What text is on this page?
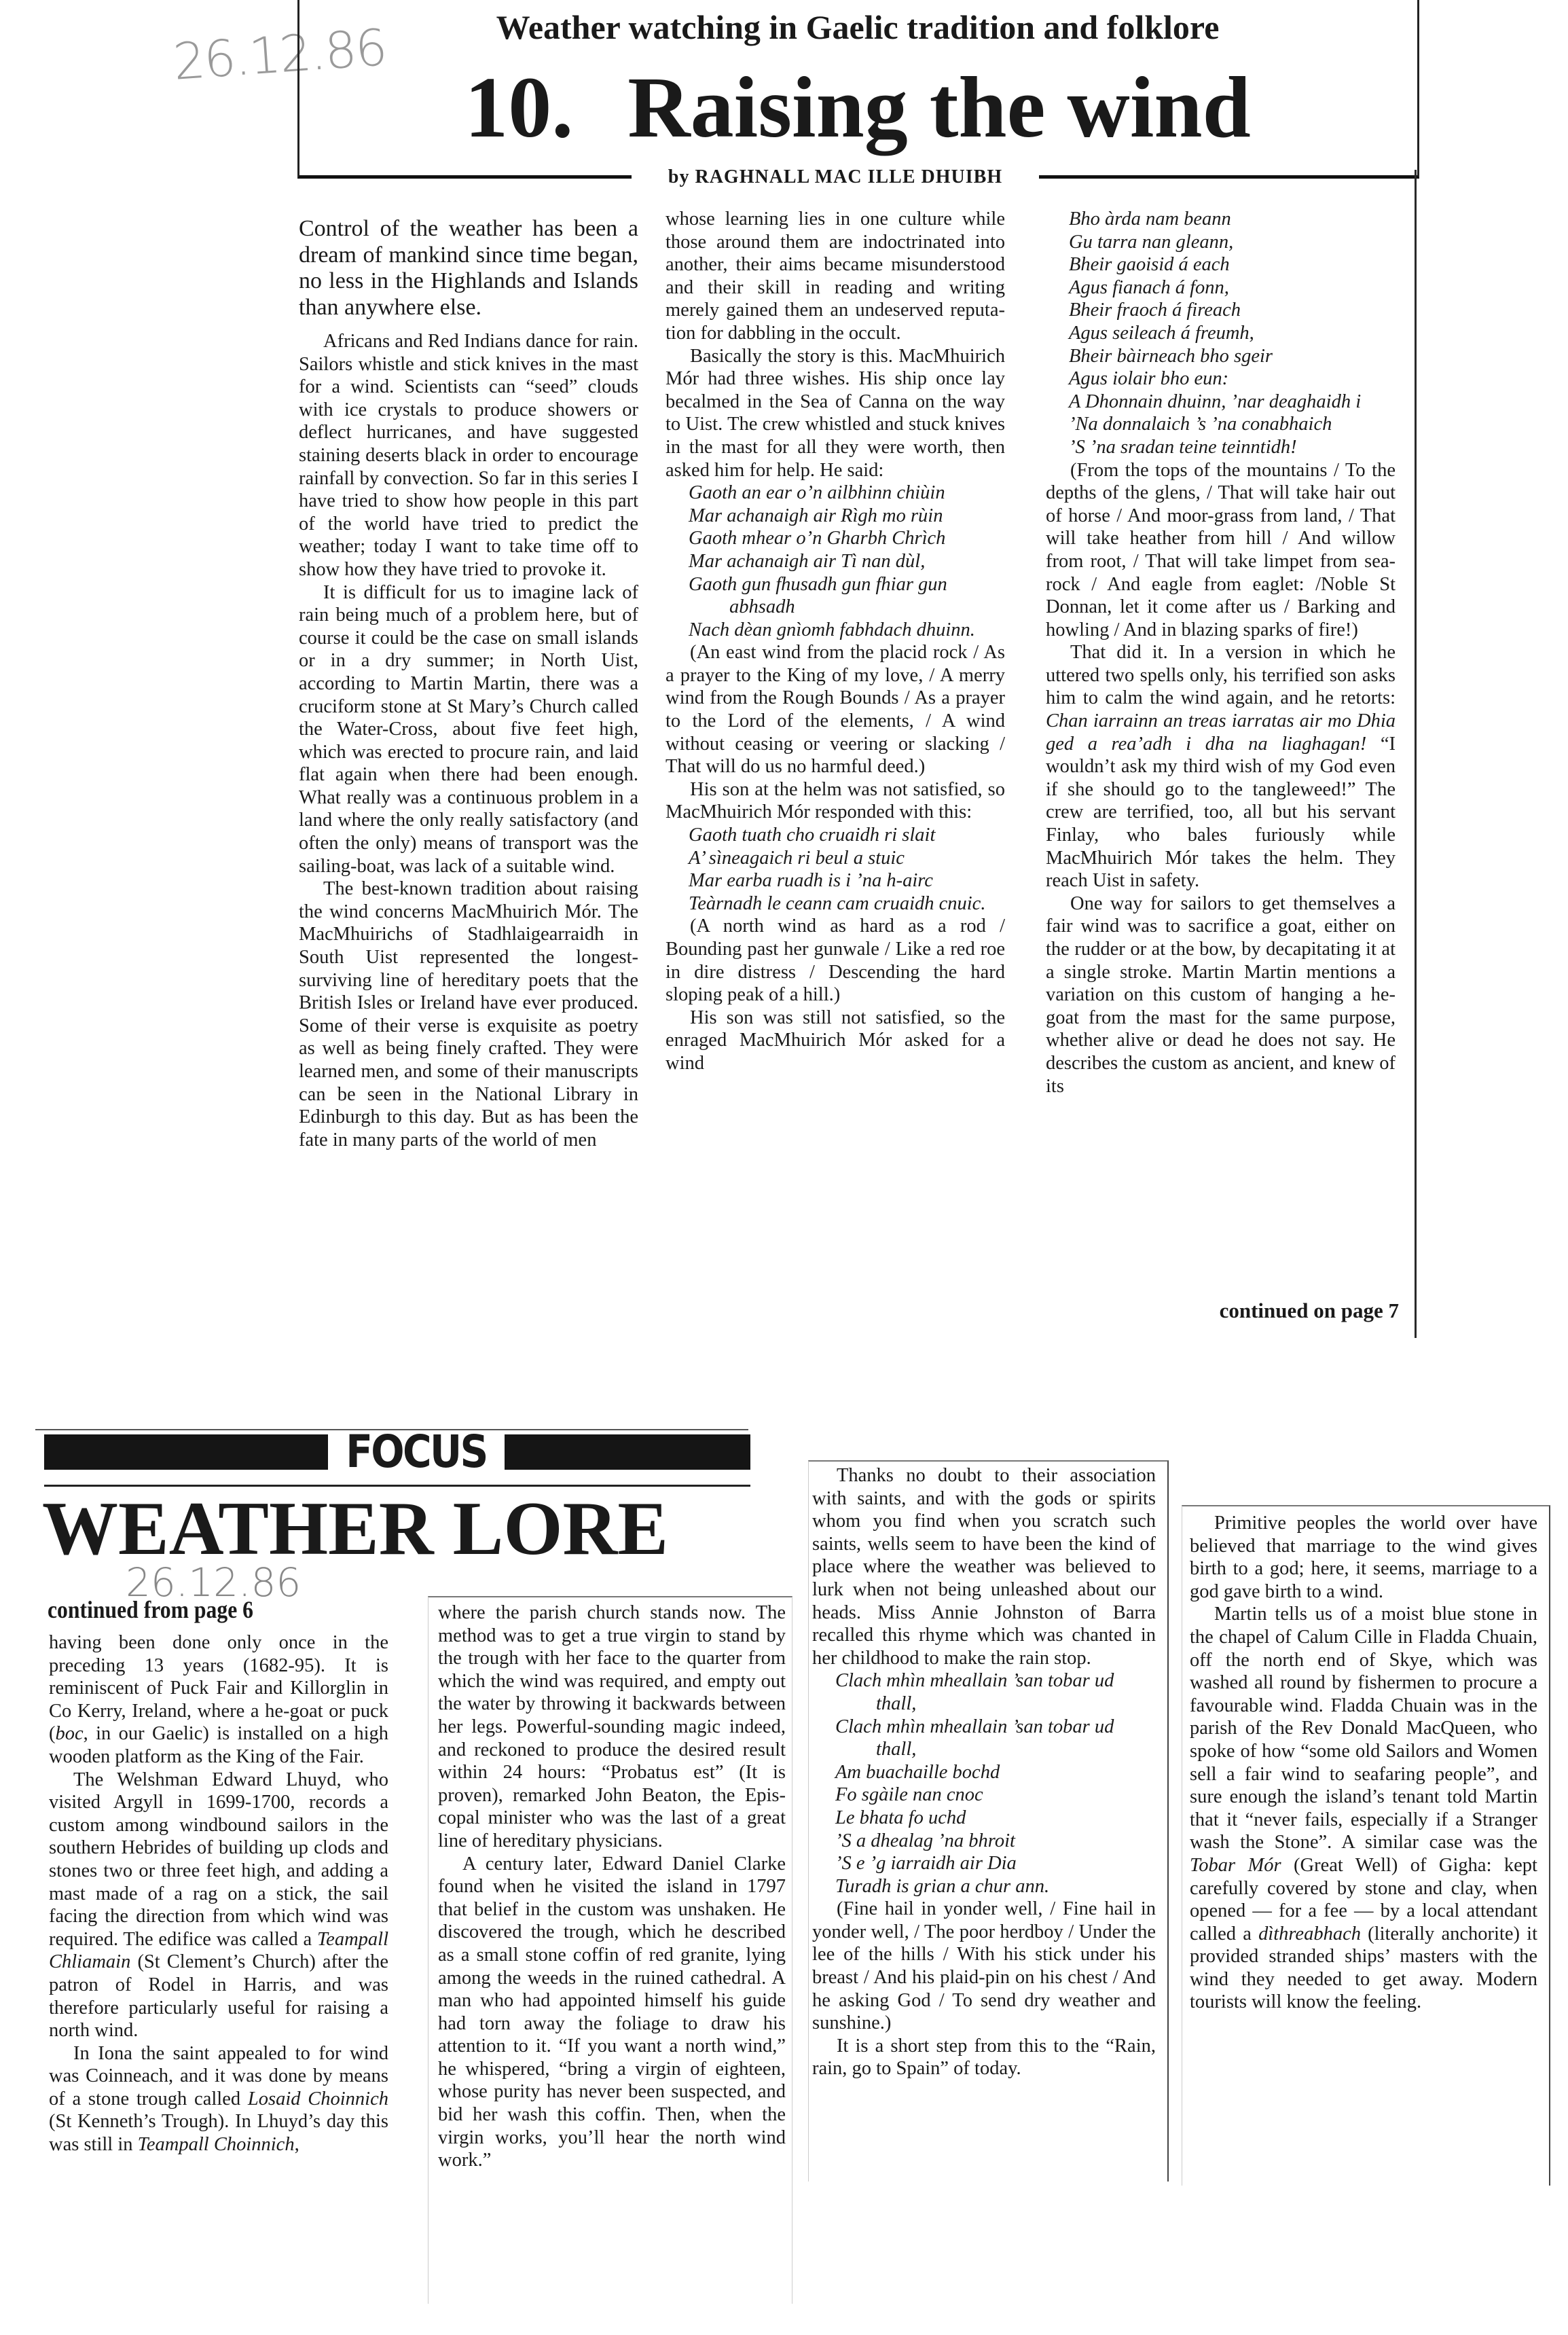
26.12.86	Weather watching in Gaelic tradition and folklore
10. Raising the wind
by RAGHNALL MAC ILLE DHUIBH

Control of the weather has been a dream of mankind since time began, no less in the Highlands and Islands than anywhere else.

Africans and Red Indians dance for rain. Sailors whistle and stick knives in the mast for a wind. Scientists can “seed” clouds with ice crystals to produce showers or deflect hurricanes, and have suggested staining deserts black in order to encourage rainfall by convection. So far in this series I have tried to show how people in this part of the world have tried to predict the weather; today I want to take time off to show how they have tried to provoke it.

It is difficult for us to imagine lack of rain being much of a problem here, but of course it could be the case on small islands or in a dry summer; in North Uist, according to Martin Martin, there was a cruciform stone at St Mary’s Church called the Water-Cross, about five feet high, which was erected to procure rain, and laid flat again when there had been enough. What really was a continuous problem in a land where the only really satisfactory (and often the only) means of transport was the sailing-boat, was lack of a suitable wind.

The best-known tradition about raising the wind concerns MacMhuirich Mór. The MacMhuirichs of Stadhlaigearraidh in South Uist represented the longest-surviving line of hereditary poets that the British Isles or Ireland have ever produced. Some of their verse is exquisite as poetry as well as being finely crafted. They were learned men, and some of their manuscripts can be seen in the National Library in Edinburgh to this day. But as has been the fate in many parts of the world of men

whose learning lies in one culture while those around them are indoctrinated into another, their aims became misunderstood and their skill in reading and writing merely gained them an undeserved reputation for dabbling in the occult.

Basically the story is this. MacMhuirich Mór had three wishes. His ship once lay becalmed in the Sea of Canna on the way to Uist. The crew whistled and stuck knives in the mast for all they were worth, then asked him for help. He said:

Gaoth an ear o’n ailbhinn chiùin
Mar achanaigh air Rìgh mo rùin
Gaoth mhear o’n Gharbh Chrìch
Mar achanaigh air Tì nan dùl,
Gaoth gun fhusadh gun fhiar gun abhsadh
Nach dèan gnìomh fabhdach dhuinn.

(An east wind from the placid rock / As a prayer to the King of my love, / A merry wind from the Rough Bounds / As a prayer to the Lord of the elements, / A wind without ceasing or veering or slacking / That will do us no harmful deed.)

His son at the helm was not satisfied, so MacMhuirich Mór responded with this:

Gaoth tuath cho cruaidh ri slait
A’ sìneagaich ri beul a stuic
Mar earba ruadh is i ’na h-airc
Teàrnadh le ceann cam cruaidh cnuic.

(A north wind as hard as a rod / Bounding past her gunwale / Like a red roe in dire distress / Descending the hard sloping peak of a hill.)

His son was still not satisfied, so the enraged MacMhuirich Mór asked for a wind

Bho àrda nam beann
Gu tarra nan gleann,
Bheir gaoisid á each
Agus fianach á fonn,
Bheir fraoch á fireach
Agus seileach á freumh,
Bheir bàirneach bho sgeir
Agus iolair bho eun:
A Dhonnain dhuinn, ’nar deaghaidh i
’Na donnalaich ’s ’na conabhaich
’S ’na sradan teine teinntidh!

(From the tops of the mountains / To the depths of the glens, / That will take hair out of horse / And moor-grass from land, / That will take heather from hill / And willow from root, / That will take limpet from sea-rock / And eagle from eaglet: /Noble St Donnan, let it come after us / Barking and howling / And in blazing sparks of fire!)

That did it. In a version in which he uttered two spells only, his terrified son asks him to calm the wind again, and he retorts: Chan iarrainn an treas iarratas air mo Dhia ged a rea’adh i dha na liaghagan! “I wouldn’t ask my third wish of my God even if she should go to the tangleweed!” The crew are terrified, too, all but his servant Finlay, who bales furiously while MacMhuirich Mór takes the helm. They reach Uist in safety.

One way for sailors to get themselves a fair wind was to sacrifice a goat, either on the rudder or at the bow, by decapitating it at a single stroke. Martin Martin mentions a variation on this custom of hanging a he-goat from the mast for the same purpose, whether alive or dead he does not say. He describes the custom as ancient, and knew of its

continued on page 7
FOCUS
WEATHER LORE
26.12.86
continued from page 6

having been done only once in the preceding 13 years (1682-95). It is reminiscent of Puck Fair and Killorglin in Co Kerry, Ireland, where a he-goat or puck (boc, in our Gaelic) is installed on a high wooden platform as the King of the Fair.

The Welshman Edward Lhuyd, who visited Argyll in 1699-1700, records a custom among windbound sailors in the southern Hebrides of building up clods and stones two or three feet high, and adding a mast made of a rag on a stick, the sail facing the direction from which wind was required. The edifice was called a Teampall Chliamain (St Clement’s Church) after the patron of Rodel in Harris, and was therefore particularly useful for raising a north wind.

In Iona the saint appealed to for wind was Coinneach, and it was done by means of a stone trough called Losaid Choinnich (St Kenneth’s Trough). In Lhuyd’s day this was still in Teampall Choinnich,

where the parish church stands now. The method was to get a true virgin to stand by the trough with her face to the quarter from which the wind was required, and empty out the water by throwing it backwards between her legs. Powerful-sounding magic indeed, and reckoned to produce the desired result within 24 hours: “Probatus est” (It is proven), remarked John Beaton, the Episcopal minister who was the last of a great line of hereditary physicians.

A century later, Edward Daniel Clarke found when he visited the island in 1797 that belief in the custom was unshaken. He discovered the trough, which he described as a small stone coffin of red granite, lying among the weeds in the ruined cathedral. A man who had appointed himself his guide had torn away the foliage to draw his attention to it. “If you want a north wind,” he whispered, “bring a virgin of eighteen, whose purity has never been suspected, and bid her wash this coffin. Then, when the virgin works, you’ll hear the north wind work.”

Thanks no doubt to their association with saints, and with the gods or spirits whom you find when you scratch such saints, wells seem to have been the kind of place where the weather was believed to lurk when not being unleashed about our heads. Miss Annie Johnston of Barra recalled this rhyme which was chanted in her childhood to make the rain stop.

Clach mhìn mheallain ’san tobar ud thall,
Clach mhìn mheallain ’san tobar ud thall,
Am buachaille bochd
Fo sgàile nan cnoc
Le bhata fo uchd
’S a dhealag ’na bhroit
’S e ’g iarraidh air Dia
Turadh is grian a chur ann.

(Fine hail in yonder well, / Fine hail in yonder well, / The poor herdboy / Under the lee of the hills / With his stick under his breast / And his plaid-pin on his chest / And he asking God / To send dry weather and sunshine.)

It is a short step from this to the “Rain, rain, go to Spain” of today.

Primitive peoples the world over have believed that marriage to the wind gives birth to a god; here, it seems, marriage to a god gave birth to a wind.

Martin tells us of a moist blue stone in the chapel of Calum Cille in Fladda Chuain, off the north end of Skye, which was washed all round by fishermen to procure a favourable wind. Fladda Chuain was in the parish of the Rev Donald MacQueen, who spoke of how “some old Sailors and Women sell a fair wind to seafaring people”, and sure enough the island’s tenant told Martin that it “never fails, especially if a Stranger wash the Stone”. A similar case was the Tobar Mór (Great Well) of Gigha: kept carefully covered by stone and clay, when opened — for a fee — by a local attendant called a dìthreabhach (literally anchorite) it provided stranded ships’ masters with the wind they needed to get away. Modern tourists will know the feeling.
